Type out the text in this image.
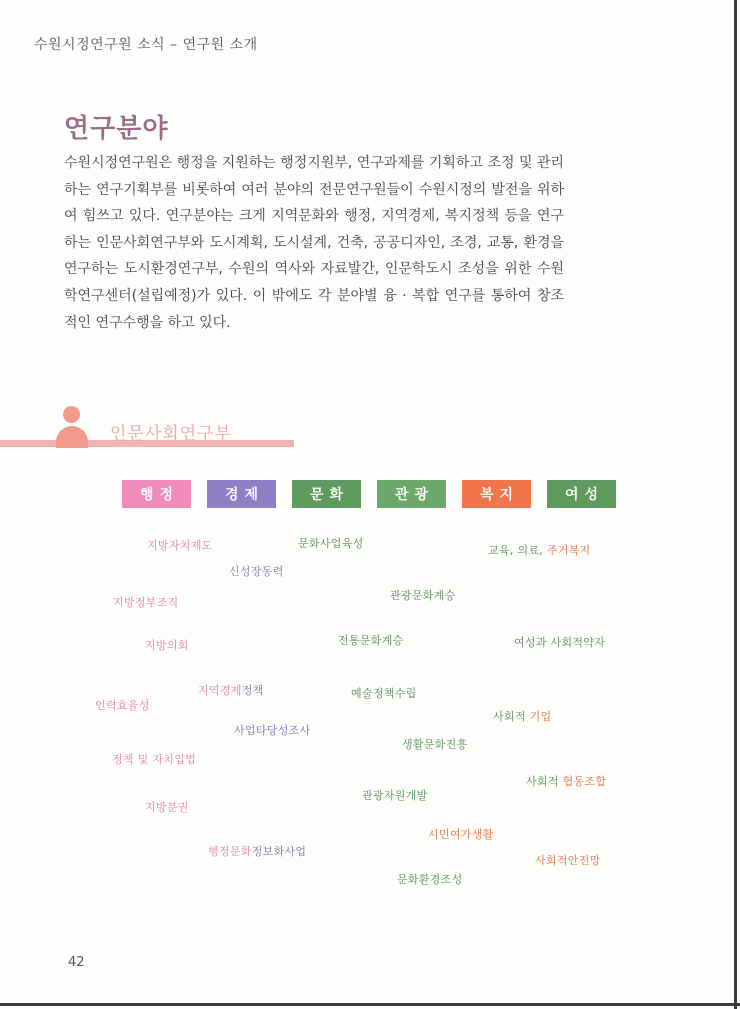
수원시정연구원 소식 – 연구원 소개
연구분야
수원시정연구원은 행정을 지원하는 행정지원부, 연구과제를 기획하고 조정 및 관리하는 연구기획부를 비롯하여 여러 분야의 전문연구원들이 수원시정의 발전을 위하여 힘쓰고 있다. 연구분야는 크게 지역문화와 행정, 지역경제, 복지정책 등을 연구하는 인문사회연구부와 도시계획, 도시설계, 건축, 공공디자인, 조경, 교통, 환경을 연구하는 도시환경연구부, 수원의 역사와 자료발간, 인문학도시 조성을 위한 수원학연구센터(설립예정)가 있다. 이 밖에도 각 분야별 융 · 복합 연구를 통하여 창조적인 연구수행을 하고 있다.
인문사회연구부
행정	경제	문화	관광	복지	여성
지방자치제도
신성장동력
지방정부조직
지방의회
지역경제정책
인력효율성
사업타당성조사
정책 및 자치입법
지방분권
행정문화정보화사업
문화사업육성
관광문화계승
전통문화계승
예술정책수립
생활문화진흥
관광자원개발
시민여가생활
문화환경조성
교육, 의료, 주거복지
여성과 사회적약자
사회적 기업
사회적 협동조합
사회적안전망
42
